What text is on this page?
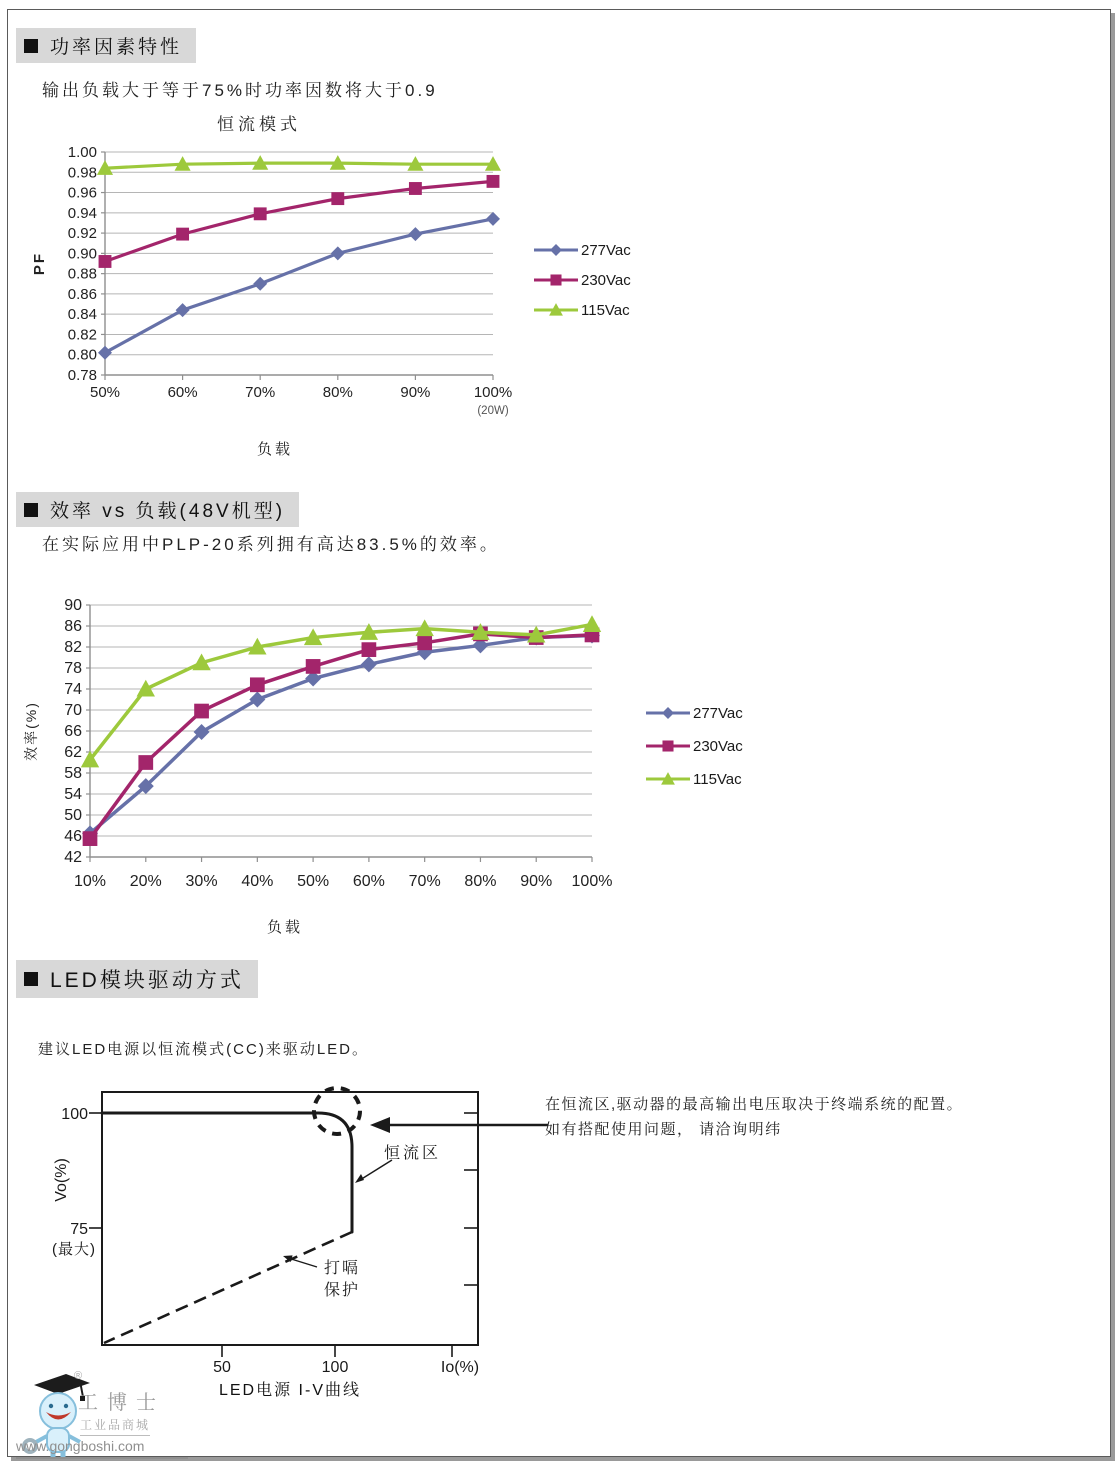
功率因素特性
输出负载大于等于75%时功率因数将大于0.9
恒流模式
0.78
0.80
0.82
0.84
0.86
0.88
0.90
0.92
0.94
0.96
0.98
1.00
50%	60%	70%	80%	90%	100%
(20W)
PF
277Vac
230Vac
115Vac
负载
效率 vs 负载(48V机型)
在实际应用中PLP-20系列拥有高达83.5%的效率。
42
46
50
54
58
62
66
70
74
78
82
86
90
10% 20% 30% 40% 50% 60% 70% 80% 90% 100%
效率(%)	277Vac
230Vac
115Vac
负载
LED模块驱动方式
建议LED电源以恒流模式(CC)来驱动LED。
100
75
(最大)
Vo(%)
50	100	Io(%)
恒流区
打嗝
保护
在恒流区,驱动器的最高输出电压取决于终端系统的配置。
如有搭配使用问题， 请洽询明纬
LED电源 I-V曲线
®
工博士
工业品商城
www.gongboshi.com
